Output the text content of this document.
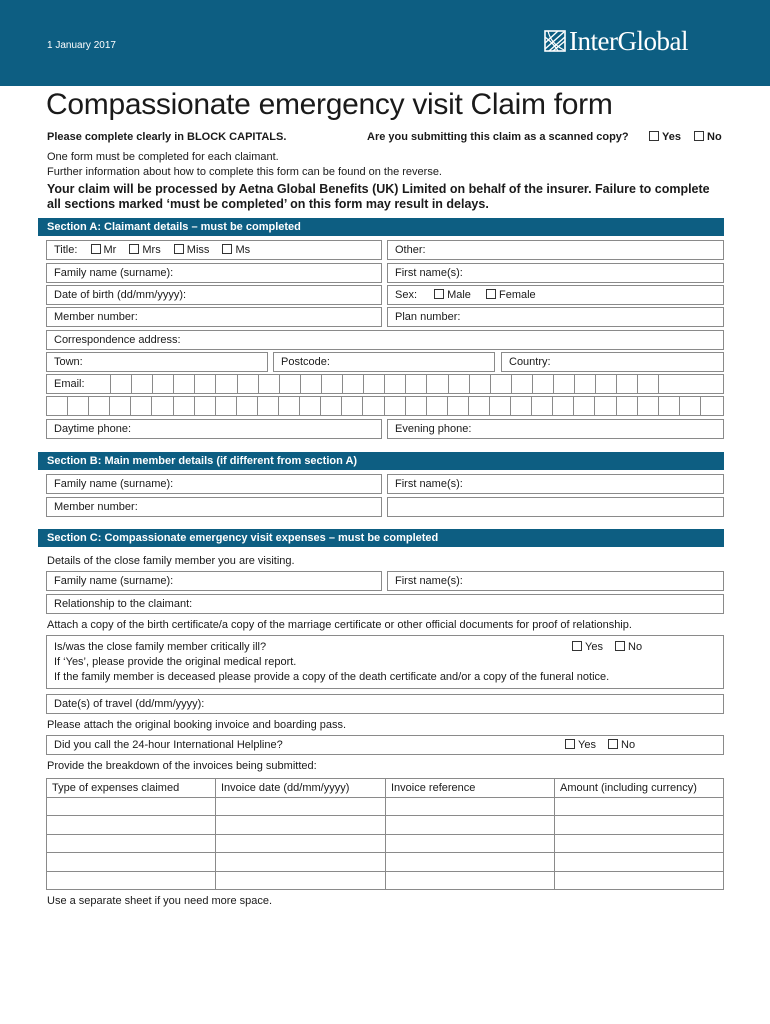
1 January 2017	InterGlobal
Compassionate emergency visit Claim form
Please complete clearly in BLOCK CAPITALS.	Are you submitting this claim as a scanned copy?	Yes	No
One form must be completed for each claimant.
Further information about how to complete this form can be found on the reverse.
Your claim will be processed by Aetna Global Benefits (UK) Limited on behalf of the insurer. Failure to complete
all sections marked ‘must be completed’ on this form may result in delays.
Section A: Claimant details – must be completed
Title: Mr Mrs Miss Ms	Other:
Family name (surname):	First name(s):
Date of birth (dd/mm/yyyy):	Sex:	Male	Female
Member number:	Plan number:
Correspondence address:
Town:	Postcode:	Country:
Email:
Daytime phone:	Evening phone:
Section B: Main member details (if different from section A)
Family name (surname):	First name(s):
Member number:
Section C: Compassionate emergency visit expenses – must be completed
Details of the close family member you are visiting.
Family name (surname):	First name(s):
Relationship to the claimant:
Attach a copy of the birth certificate/a copy of the marriage certificate or other official documents for proof of relationship.
Is/was the close family member critically ill?	Yes	No
If ‘Yes’, please provide the original medical report.
If the family member is deceased please provide a copy of the death certificate and/or a copy of the funeral notice.
Date(s) of travel (dd/mm/yyyy):
Please attach the original booking invoice and boarding pass.
Did you call the 24-hour International Helpline?	Yes	No
Provide the breakdown of the invoices being submitted:
Type of expenses claimed	Invoice date (dd/mm/yyyy)	Invoice reference	Amount (including currency)

Use a separate sheet if you need more space.
